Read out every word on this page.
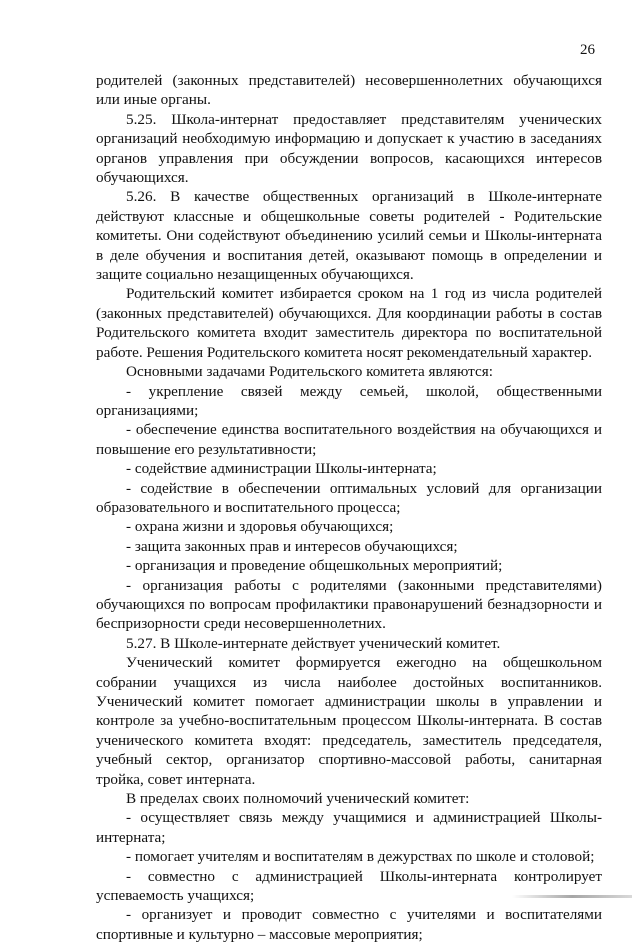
26

родителей (законных представителей) несовершеннолетних обучающихся или иные органы.

5.25. Школа-интернат предоставляет представителям ученических организаций необходимую информацию и допускает к участию в заседаниях органов управления при обсуждении вопросов, касающихся интересов обучающихся.

5.26. В качестве общественных организаций в Школе-интернате действуют классные и общешкольные советы родителей - Родительские комитеты. Они содействуют объединению усилий семьи и Школы-интерната в деле обучения и воспитания детей, оказывают помощь в определении и защите социально незащищенных обучающихся.

Родительский комитет избирается сроком на 1 год из числа родителей (законных представителей) обучающихся. Для координации работы в состав Родительского комитета входит заместитель директора по воспитательной работе. Решения Родительского комитета носят рекомендательный характер.

Основными задачами Родительского комитета являются:

- укрепление связей между семьей, школой, общественными организациями;

- обеспечение единства воспитательного воздействия на обучающихся и повышение его результативности;

- содействие администрации Школы-интерната;

- содействие в обеспечении оптимальных условий для организации образовательного и воспитательного процесса;

- охрана жизни и здоровья обучающихся;

- защита законных прав и интересов обучающихся;

- организация и проведение общешкольных мероприятий;

- организация работы с родителями (законными представителями) обучающихся по вопросам профилактики правонарушений безнадзорности и беспризорности среди несовершеннолетних.

5.27. В Школе-интернате действует ученический комитет.

Ученический комитет формируется ежегодно на общешкольном собрании учащихся из числа наиболее достойных воспитанников. Ученический комитет помогает администрации школы в управлении и контроле за учебно-воспитательным процессом Школы-интерната. В состав ученического комитета входят: председатель, заместитель председателя, учебный сектор, организатор спортивно-массовой работы, санитарная тройка, совет интерната.

В пределах своих полномочий ученический комитет:

- осуществляет связь между учащимися и администрацией Школы-интерната;

- помогает учителям и воспитателям в дежурствах по школе и столовой;

- совместно с администрацией Школы-интерната контролирует успеваемость учащихся;

- организует и проводит совместно с учителями и воспитателями спортивные и культурно – массовые мероприятия;
